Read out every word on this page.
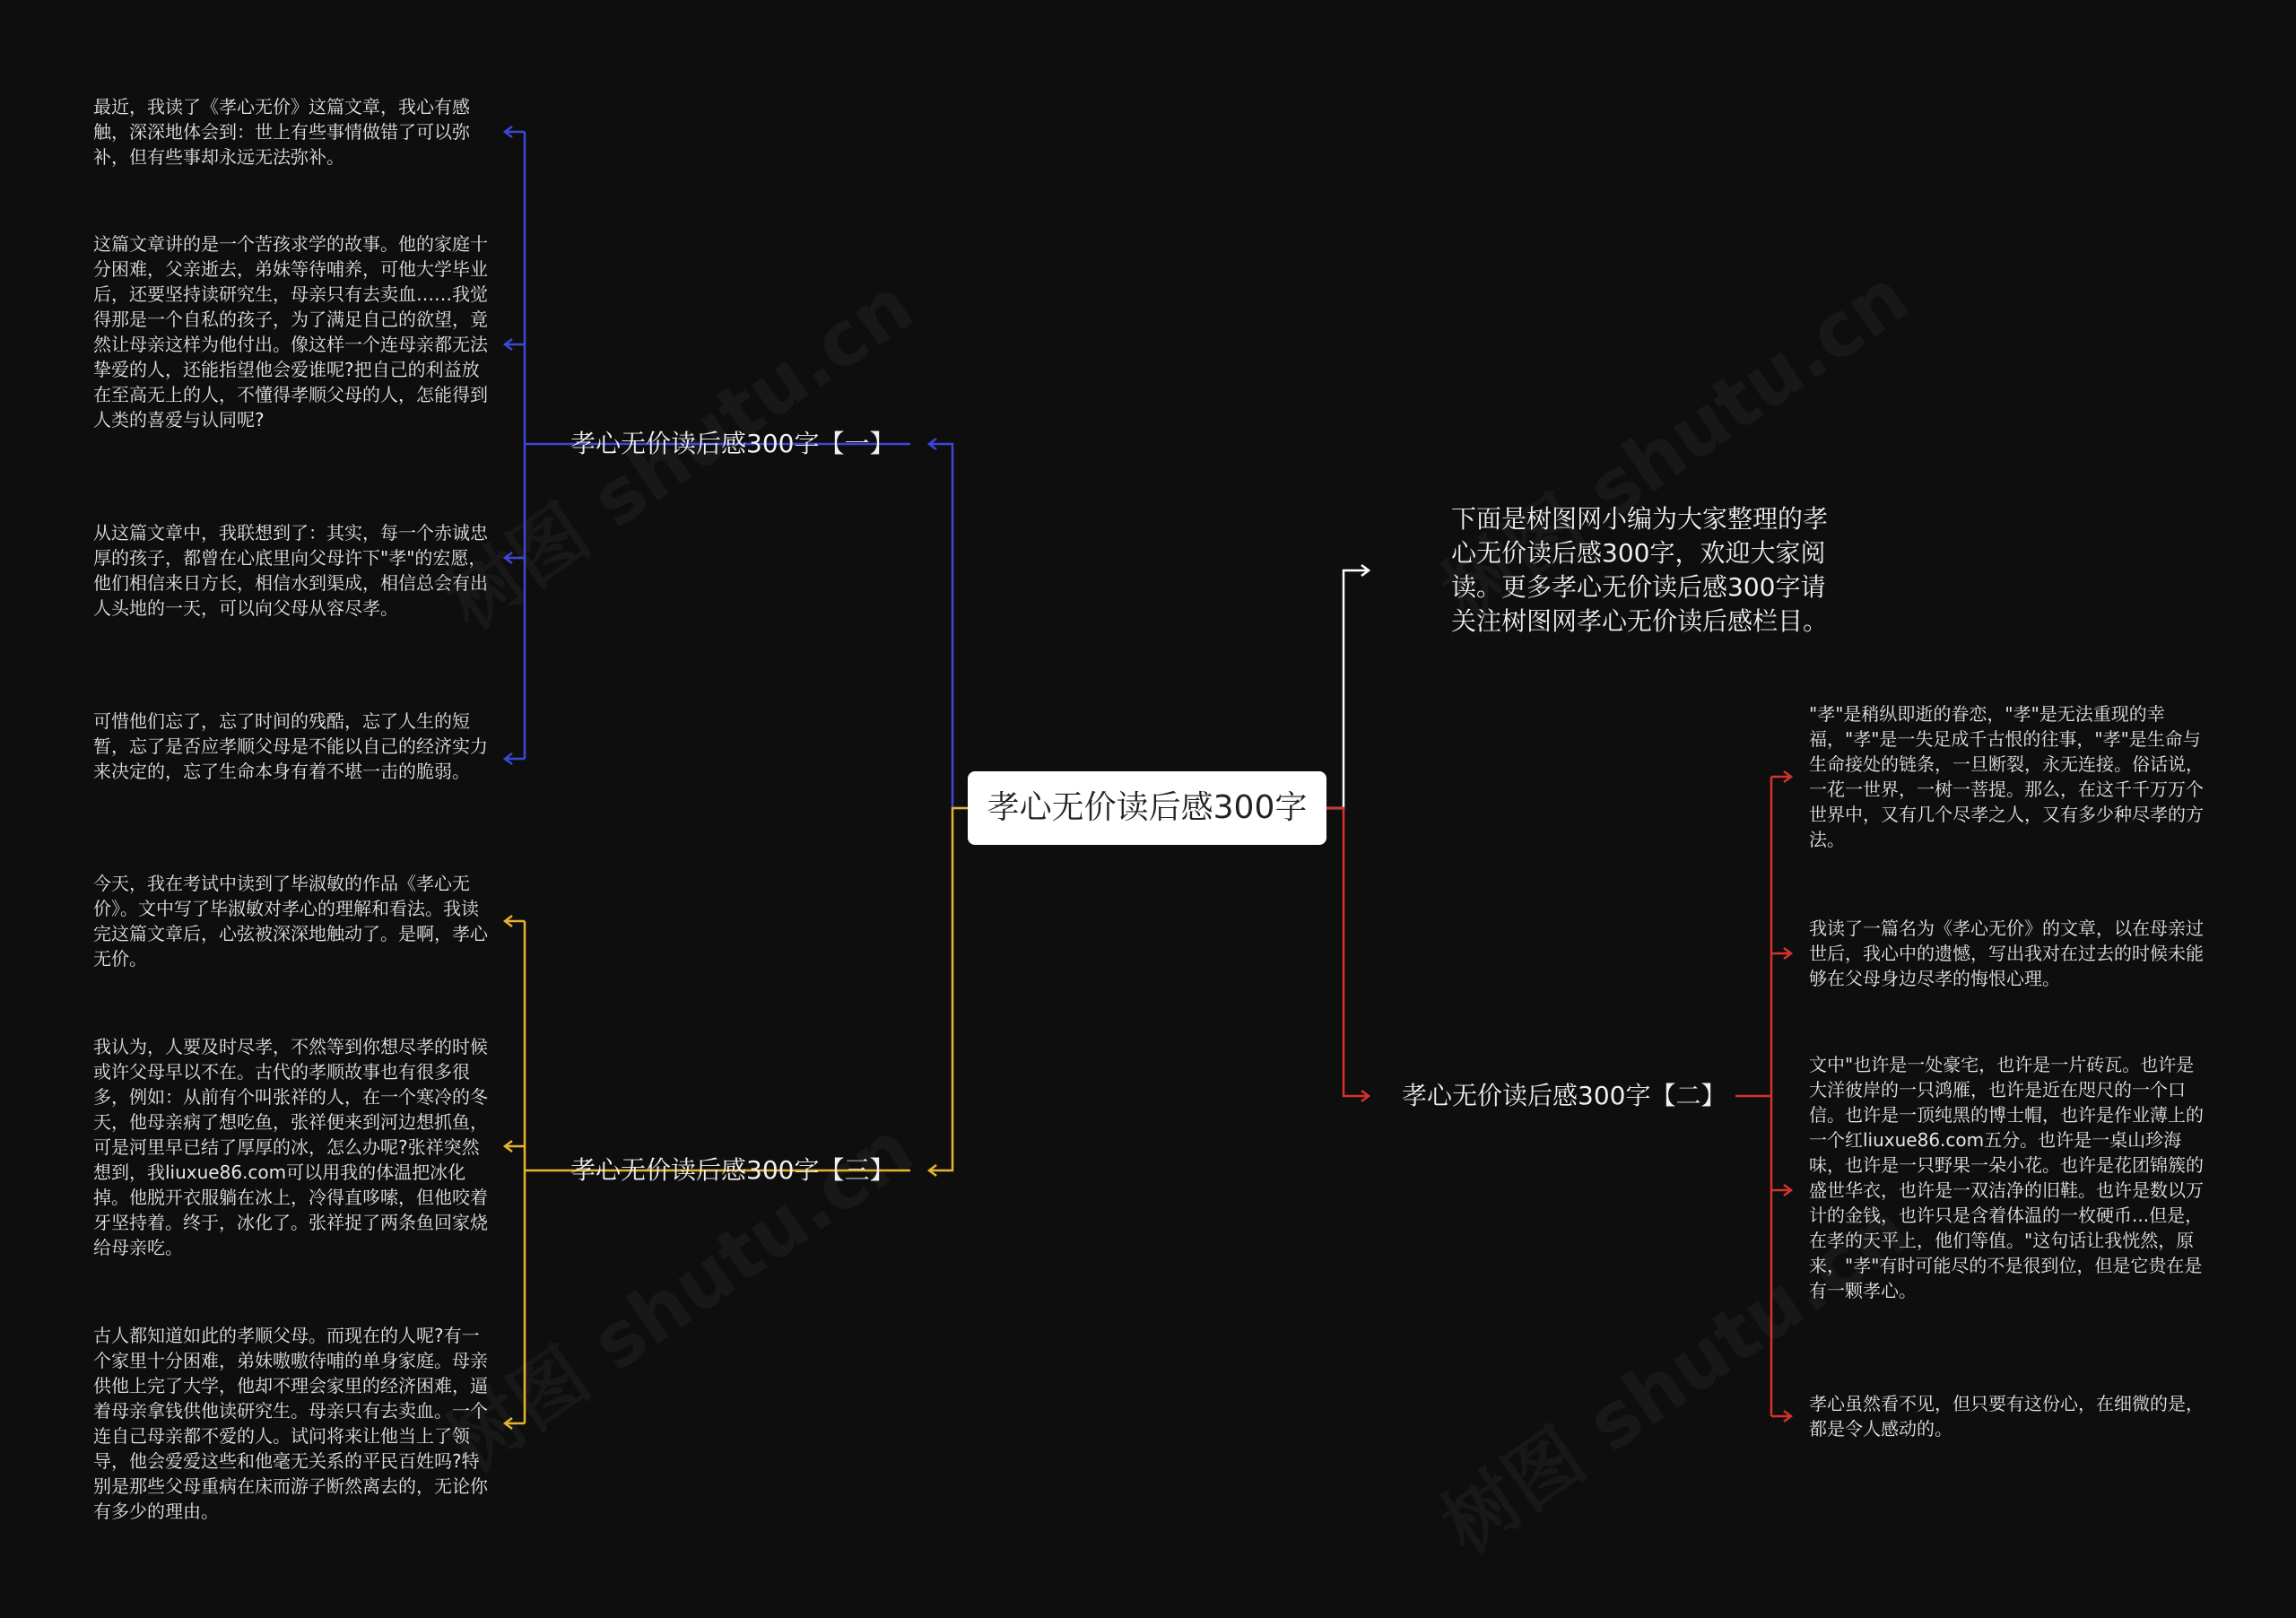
孝心无价读后感300字
下面是树图网小编为大家整理的孝心无价读后感300字，欢迎大家阅读。更多孝心无价读后感300字请关注树图网孝心无价读后感栏目。
孝心无价读后感300字【一】
孝心无价读后感300字【三】
孝心无价读后感300字【二】
最近，我读了《孝心无价》这篇文章，我心有感触，深深地体会到：世上有些事情做错了可以弥补，但有些事却永远无法弥补。
这篇文章讲的是一个苦孩求学的故事。他的家庭十分困难，父亲逝去，弟妹等待哺养，可他大学毕业后，还要坚持读研究生，母亲只有去卖血……我觉得那是一个自私的孩子，为了满足自己的欲望，竟然让母亲这样为他付出。像这样一个连母亲都无法挚爱的人，还能指望他会爱谁呢?把自己的利益放在至高无上的人，不懂得孝顺父母的人，怎能得到人类的喜爱与认同呢?
从这篇文章中，我联想到了：其实，每一个赤诚忠厚的孩子，都曾在心底里向父母许下"孝"的宏愿，他们相信来日方长，相信水到渠成，相信总会有出人头地的一天，可以向父母从容尽孝。
可惜他们忘了，忘了时间的残酷，忘了人生的短暂，忘了是否应孝顺父母是不能以自己的经济实力来决定的，忘了生命本身有着不堪一击的脆弱。
今天，我在考试中读到了毕淑敏的作品《孝心无价》。文中写了毕淑敏对孝心的理解和看法。我读完这篇文章后，心弦被深深地触动了。是啊，孝心无价。
我认为，人要及时尽孝，不然等到你想尽孝的时候或许父母早以不在。古代的孝顺故事也有很多很多，例如：从前有个叫张祥的人，在一个寒冷的冬天，他母亲病了想吃鱼，张祥便来到河边想抓鱼，可是河里早已结了厚厚的冰，怎么办呢?张祥突然想到，我liuxue86.com可以用我的体温把冰化掉。他脱开衣服躺在冰上，冷得直哆嗦，但他咬着牙坚持着。终于，冰化了。张祥捉了两条鱼回家烧给母亲吃。
古人都知道如此的孝顺父母。而现在的人呢?有一个家里十分困难，弟妹嗷嗷待哺的单身家庭。母亲供他上完了大学，他却不理会家里的经济困难，逼着母亲拿钱供他读研究生。母亲只有去卖血。一个连自己母亲都不爱的人。试问将来让他当上了领导，他会爱爱这些和他毫无关系的平民百姓吗?特别是那些父母重病在床而游子断然离去的，无论你有多少的理由。
"孝"是稍纵即逝的眷恋，"孝"是无法重现的幸福，"孝"是一失足成千古恨的往事，"孝"是生命与生命接处的链条，一旦断裂，永无连接。俗话说，一花一世界，一树一菩提。那么，在这千千万万个世界中，又有几个尽孝之人，又有多少种尽孝的方法。
我读了一篇名为《孝心无价》的文章，以在母亲过世后，我心中的遗憾，写出我对在过去的时候未能够在父母身边尽孝的悔恨心理。
文中"也许是一处豪宅，也许是一片砖瓦。也许是大洋彼岸的一只鸿雁，也许是近在咫尺的一个口信。也许是一顶纯黑的博士帽，也许是作业薄上的一个红liuxue86.com五分。也许是一桌山珍海味，也许是一只野果一朵小花。也许是花团锦簇的盛世华衣，也许是一双洁净的旧鞋。也许是数以万计的金钱，也许只是含着体温的一枚硬币...但是，在孝的天平上，他们等值。"这句话让我恍然，原来，"孝"有时可能尽的不是很到位，但是它贵在是有一颗孝心。
孝心虽然看不见，但只要有这份心，在细微的是，都是令人感动的。
